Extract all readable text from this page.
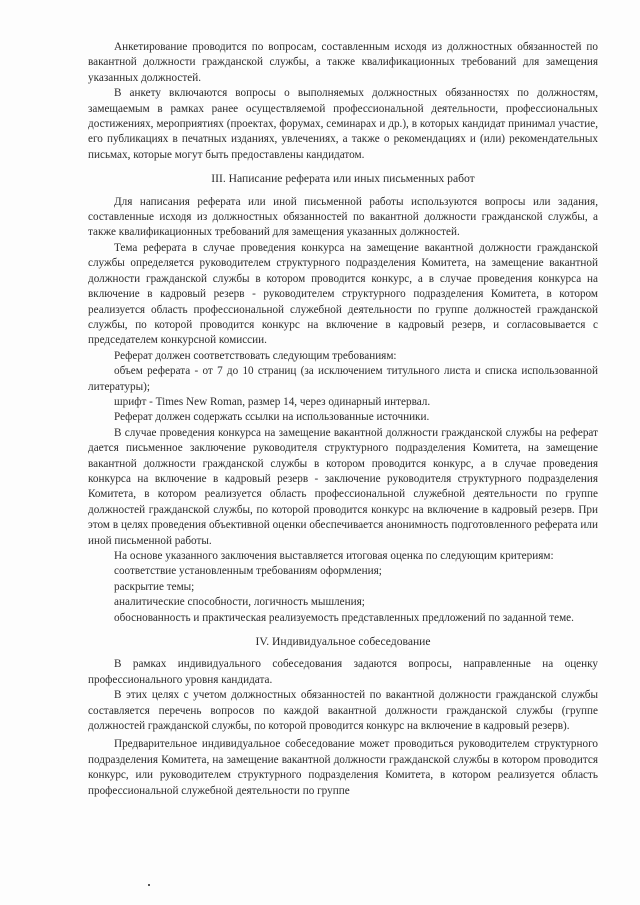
Анкетирование проводится по вопросам, составленным исходя из должностных обязанностей по вакантной должности гражданской службы, а также квалификационных требований для замещения указанных должностей.

В анкету включаются вопросы о выполняемых должностных обязанностях по должностям, замещаемым в рамках ранее осуществляемой профессиональной деятельности, профессиональных достижениях, мероприятиях (проектах, форумах, семинарах и др.), в которых кандидат принимал участие, его публикациях в печатных изданиях, увлечениях, а также о рекомендациях и (или) рекомендательных письмах, которые могут быть предоставлены кандидатом.

III. Написание реферата или иных письменных работ

Для написания реферата или иной письменной работы используются вопросы или задания, составленные исходя из должностных обязанностей по вакантной должности гражданской службы, а также квалификационных требований для замещения указанных должностей.

Тема реферата в случае проведения конкурса на замещение вакантной должности гражданской службы определяется руководителем структурного подразделения Комитета, на замещение вакантной должности гражданской службы в котором проводится конкурс, а в случае проведения конкурса на включение в кадровый резерв - руководителем структурного подразделения Комитета, в котором реализуется область профессиональной служебной деятельности по группе должностей гражданской службы, по которой проводится конкурс на включение в кадровый резерв, и согласовывается с председателем конкурсной комиссии.

Реферат должен соответствовать следующим требованиям:

объем реферата - от 7 до 10 страниц (за исключением титульного листа и списка использованной литературы);

шрифт - Times New Roman, размер 14, через одинарный интервал.

Реферат должен содержать ссылки на использованные источники.

В случае проведения конкурса на замещение вакантной должности гражданской службы на реферат дается письменное заключение руководителя структурного подразделения Комитета, на замещение вакантной должности гражданской службы в котором проводится конкурс, а в случае проведения конкурса на включение в кадровый резерв - заключение руководителя структурного подразделения Комитета, в котором реализуется область профессиональной служебной деятельности по группе должностей гражданской службы, по которой проводится конкурс на включение в кадровый резерв. При этом в целях проведения объективной оценки обеспечивается анонимность подготовленного реферата или иной письменной работы.

На основе указанного заключения выставляется итоговая оценка по следующим критериям:

соответствие установленным требованиям оформления;

раскрытие темы;

аналитические способности, логичность мышления;

обоснованность и практическая реализуемость представленных предложений по заданной теме.

IV. Индивидуальное собеседование

В рамках индивидуального собеседования задаются вопросы, направленные на оценку профессионального уровня кандидата.

В этих целях с учетом должностных обязанностей по вакантной должности гражданской службы составляется перечень вопросов по каждой вакантной должности гражданской службы (группе должностей гражданской службы, по которой проводится конкурс на включение в кадровый резерв).

Предварительное индивидуальное собеседование может проводиться руководителем структурного подразделения Комитета, на замещение вакантной должности гражданской службы в котором проводится конкурс, или руководителем структурного подразделения Комитета, в котором реализуется область профессиональной служебной деятельности по группе
